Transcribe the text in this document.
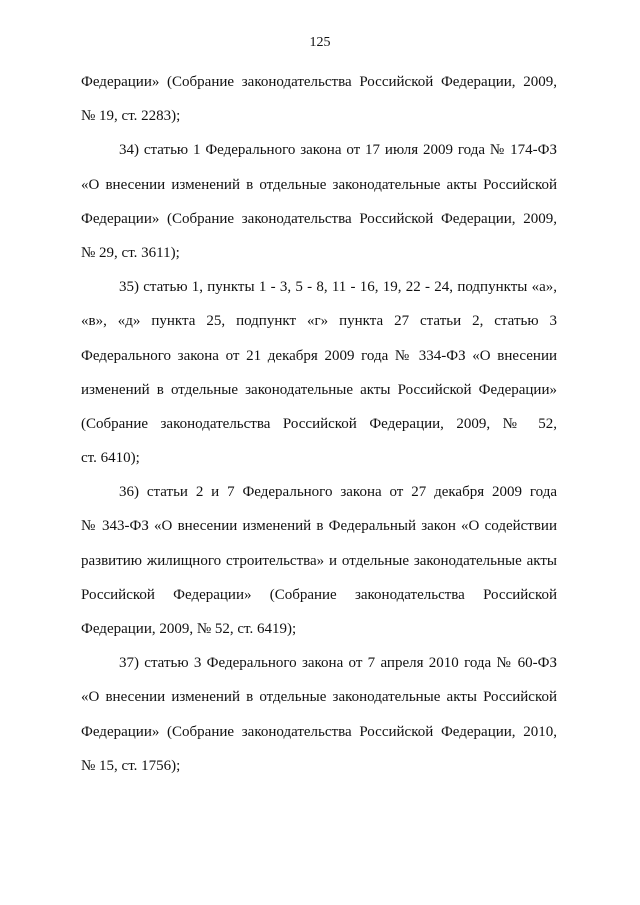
125
Федерации» (Собрание законодательства Российской Федерации, 2009,
№ 19, ст. 2283);
34) статью 1 Федерального закона от 17 июля 2009 года № 174-ФЗ
«О внесении изменений в отдельные законодательные акты Российской
Федерации» (Собрание законодательства Российской Федерации, 2009,
№ 29, ст. 3611);
35) статью 1, пункты 1 - 3, 5 - 8, 11 - 16, 19, 22 - 24, подпункты «а»,
«в», «д» пункта 25, подпункт «г» пункта 27 статьи 2, статью 3
Федерального закона от 21 декабря 2009 года № 334-ФЗ «О внесении
изменений в отдельные законодательные акты Российской Федерации»
(Собрание законодательства Российской Федерации, 2009, № 52,
ст. 6410);
36) статьи 2 и 7 Федерального закона от 27 декабря 2009 года
№ 343-ФЗ «О внесении изменений в Федеральный закон «О содействии
развитию жилищного строительства» и отдельные законодательные акты
Российской Федерации» (Собрание законодательства Российской
Федерации, 2009, № 52, ст. 6419);
37) статью 3 Федерального закона от 7 апреля 2010 года № 60-ФЗ
«О внесении изменений в отдельные законодательные акты Российской
Федерации» (Собрание законодательства Российской Федерации, 2010,
№ 15, ст. 1756);
